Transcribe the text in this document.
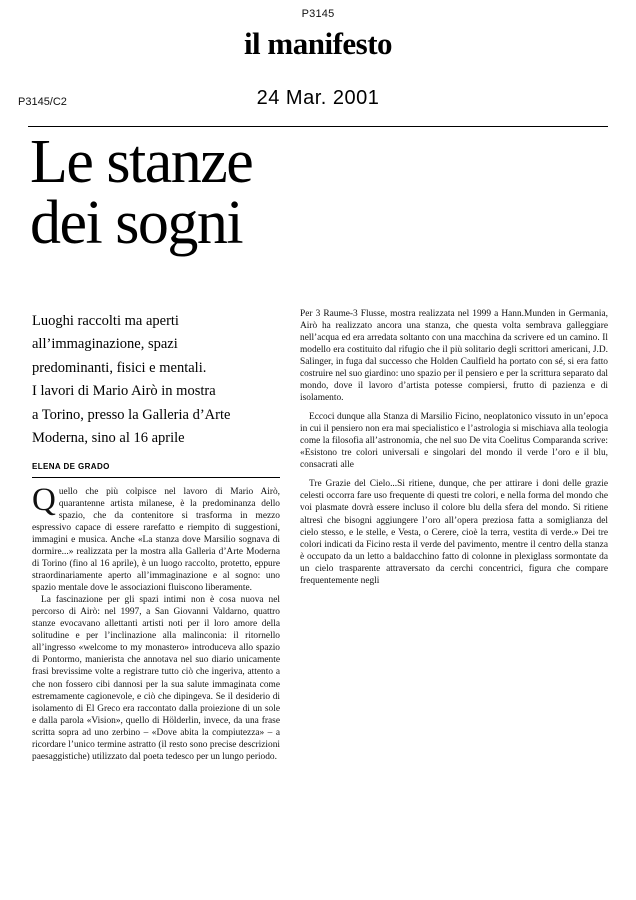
P3145
P3145/C2
il manifesto
24 Mar. 2001
Le stanze
dei sogni
Luoghi raccolti ma aperti
all’immaginazione, spazi
predominanti, fisici e mentali.
I lavori di Mario Airò in mostra
a Torino, presso la Galleria d’Arte
Moderna, sino al 16 aprile
ELENA DE GRADO

Quello che più colpisce nel lavoro di Mario Airò, quarantenne artista milanese, è la predominanza dello spazio, che da contenitore si trasforma in mezzo espressivo capace di essere rarefatto e riempito di suggestioni, immagini e musica. Anche «La stanza dove Marsilio sognava di dormire...» realizzata per la mostra alla Galleria d’Arte Moderna di Torino (fino al 16 aprile), è un luogo raccolto, protetto, eppure straordinariamente aperto all’immaginazione e al sogno: uno spazio mentale dove le associazioni fluiscono liberamente.

La fascinazione per gli spazi intimi non è cosa nuova nel percorso di Airò: nel 1997, a San Giovanni Valdarno, quattro stanze evocavano allettanti artisti noti per il loro amore della solitudine e per l’inclinazione alla malinconia: il ritornello all’ingresso «welcome to my monastero» introduceva allo spazio di Pontormo, manierista che annotava nel suo diario unicamente frasi brevissime volte a registrare tutto ciò che ingeriva, attento a che non fossero cibi dannosi per la sua salute immaginata come estremamente cagionevole, e ciò che dipingeva. Se il desiderio di isolamento di El Greco era raccontato dalla proiezione di un sole e dalla parola «Vision», quello di Hölderlin, invece, da una frase scritta sopra ad uno zerbino – «Dove abita la compiutezza» – a ricordare l’unico termine astratto (il resto sono precise descrizioni paesaggistiche) utilizzato dal poeta tedesco per un lungo periodo.

Per 3 Raume-3 Flusse, mostra realizzata nel 1999 a Hann.Munden in Germania, Airò ha realizzato ancora una stanza, che questa volta sembrava galleggiare nell’acqua ed era arredata soltanto con una macchina da scrivere ed un camino. Il modello era costituito dal rifugio che il più solitario degli scrittori americani, J.D. Salinger, in fuga dal successo che Holden Caulfield ha portato con sé, si era fatto costruire nel suo giardino: uno spazio per il pensiero e per la scrittura separato dal mondo, dove il lavoro d’artista potesse compiersi, frutto di pazienza e di isolamento.

Eccoci dunque alla Stanza di Marsilio Ficino, neoplatonico vissuto in un’epoca in cui il pensiero non era mai specialistico e l’astrologia si mischiava alla teologia come la filosofia all’astronomia, che nel suo De vita Coelitus Comparanda scrive: «Esistono tre colori universali e singolari del mondo il verde l’oro e il blu, consacrati alle

Tre Grazie del Cielo...Si ritiene, dunque, che per attirare i doni delle grazie celesti occorra fare uso frequente di questi tre colori, e nella forma del mondo che voi plasmate dovrà essere incluso il colore blu della sfera del mondo. Si ritiene altresì che bisogni aggiungere l’oro all’opera preziosa fatta a somiglianza del cielo stesso, e le stelle, e Vesta, o Cerere, cioè la terra, vestita di verde.» Dei tre colori indicati da Ficino resta il verde del pavimento, mentre il centro della stanza è occupato da un letto a baldacchino fatto di colonne in plexiglass sormontate da un cielo trasparente attraversato da cerchi concentrici, figura che compare frequentemente negli
